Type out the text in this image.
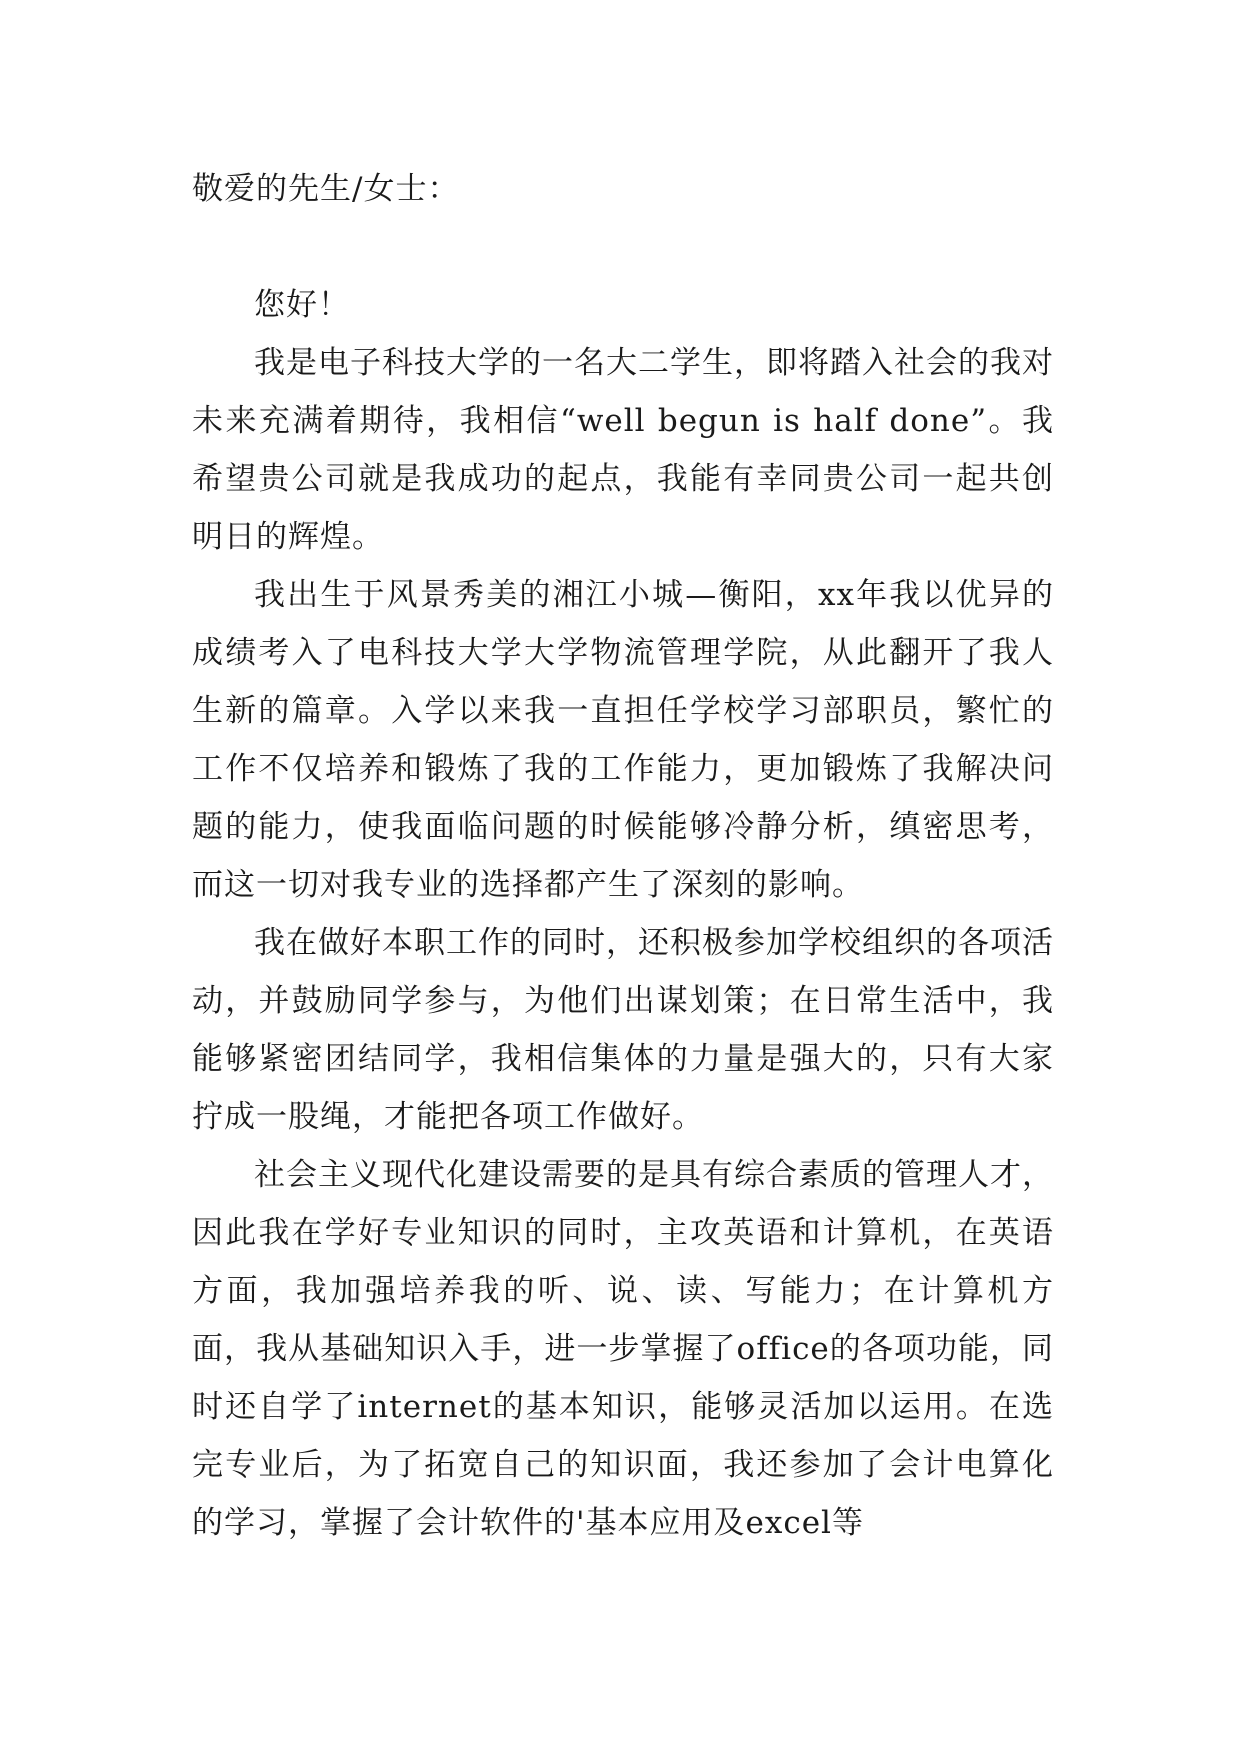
敬爱的先生/女士：

您好！

我是电子科技大学的一名大二学生，即将踏入社会的我对未来充满着期待，我相信“well begun is half done”。我希望贵公司就是我成功的起点，我能有幸同贵公司一起共创明日的辉煌。

我出生于风景秀美的湘江小城—衡阳，xx年我以优异的成绩考入了电科技大学大学物流管理学院，从此翻开了我人生新的篇章。入学以来我一直担任学校学习部职员，繁忙的工作不仅培养和锻炼了我的工作能力，更加锻炼了我解决问题的能力，使我面临问题的时候能够冷静分析，缜密思考，而这一切对我专业的选择都产生了深刻的影响。

我在做好本职工作的同时，还积极参加学校组织的各项活动，并鼓励同学参与，为他们出谋划策；在日常生活中，我能够紧密团结同学，我相信集体的力量是强大的，只有大家拧成一股绳，才能把各项工作做好。

社会主义现代化建设需要的是具有综合素质的管理人才，因此我在学好专业知识的同时，主攻英语和计算机，在英语方面，我加强培养我的听、说、读、写能力；在计算机方面，我从基础知识入手，进一步掌握了office的各项功能，同时还自学了internet的基本知识，能够灵活加以运用。在选完专业后，为了拓宽自己的知识面，我还参加了会计电算化的学习，掌握了会计软件的'基本应用及excel等
